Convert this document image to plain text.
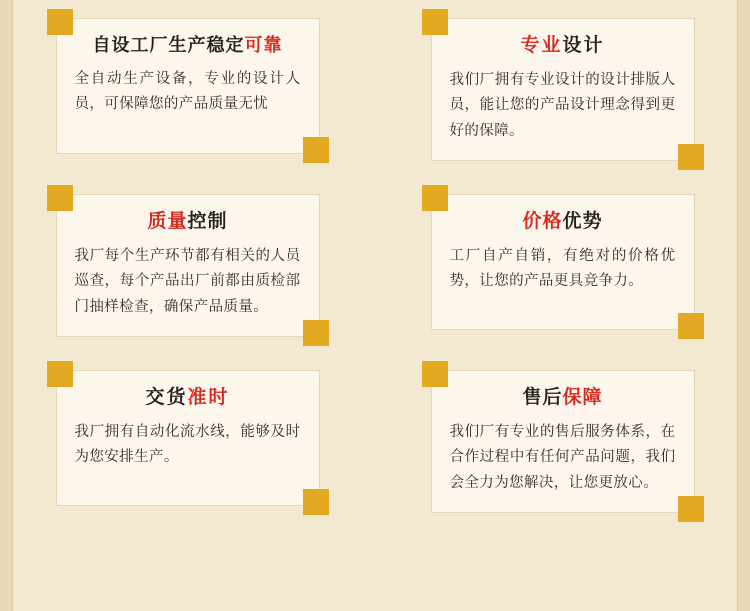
自设工厂生产稳定可靠
全自动生产设备，专业的设计人员，可保障您的产品质量无忧
专业设计
我们厂拥有专业设计的设计排版人员，能让您的产品设计理念得到更好的保障。
质量控制
我厂每个生产环节都有相关的人员巡查，每个产品出厂前都由质检部门抽样检查，确保产品质量。
价格优势
工厂自产自销，有绝对的价格优势，让您的产品更具竞争力。
交货准时
我厂拥有自动化流水线，能够及时为您安排生产。
售后保障
我们厂有专业的售后服务体系，在合作过程中有任何产品问题，我们会全力为您解决，让您更放心。
